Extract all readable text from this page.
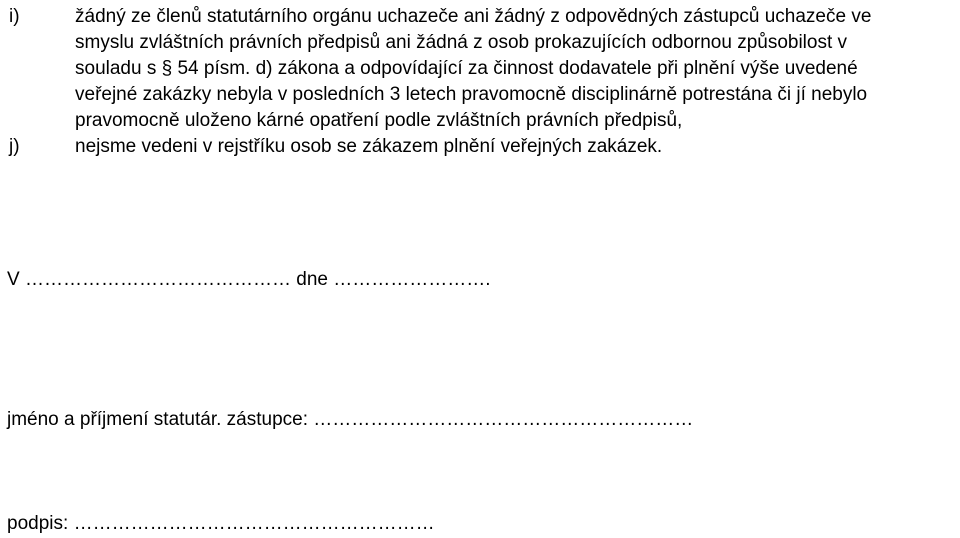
i)	žádný ze členů statutárního orgánu uchazeče ani žádný z odpovědných zástupců uchazeče ve
smyslu zvláštních právních předpisů ani žádná z osob prokazujících odbornou způsobilost v
souladu s § 54 písm. d) zákona a odpovídající za činnost dodavatele při plnění výše uvedené
veřejné zakázky nebyla v posledních 3 letech pravomocně disciplinárně potrestána či jí nebylo
pravomocně uloženo kárné opatření podle zvláštních právních předpisů,
j)	nejsme vedeni v rejstříku osob se zákazem plnění veřejných zakázek.
V …………………………………… dne …………………….
jméno a příjmení statutár. zástupce: ……………………………………………………
podpis: …………………………………………………
